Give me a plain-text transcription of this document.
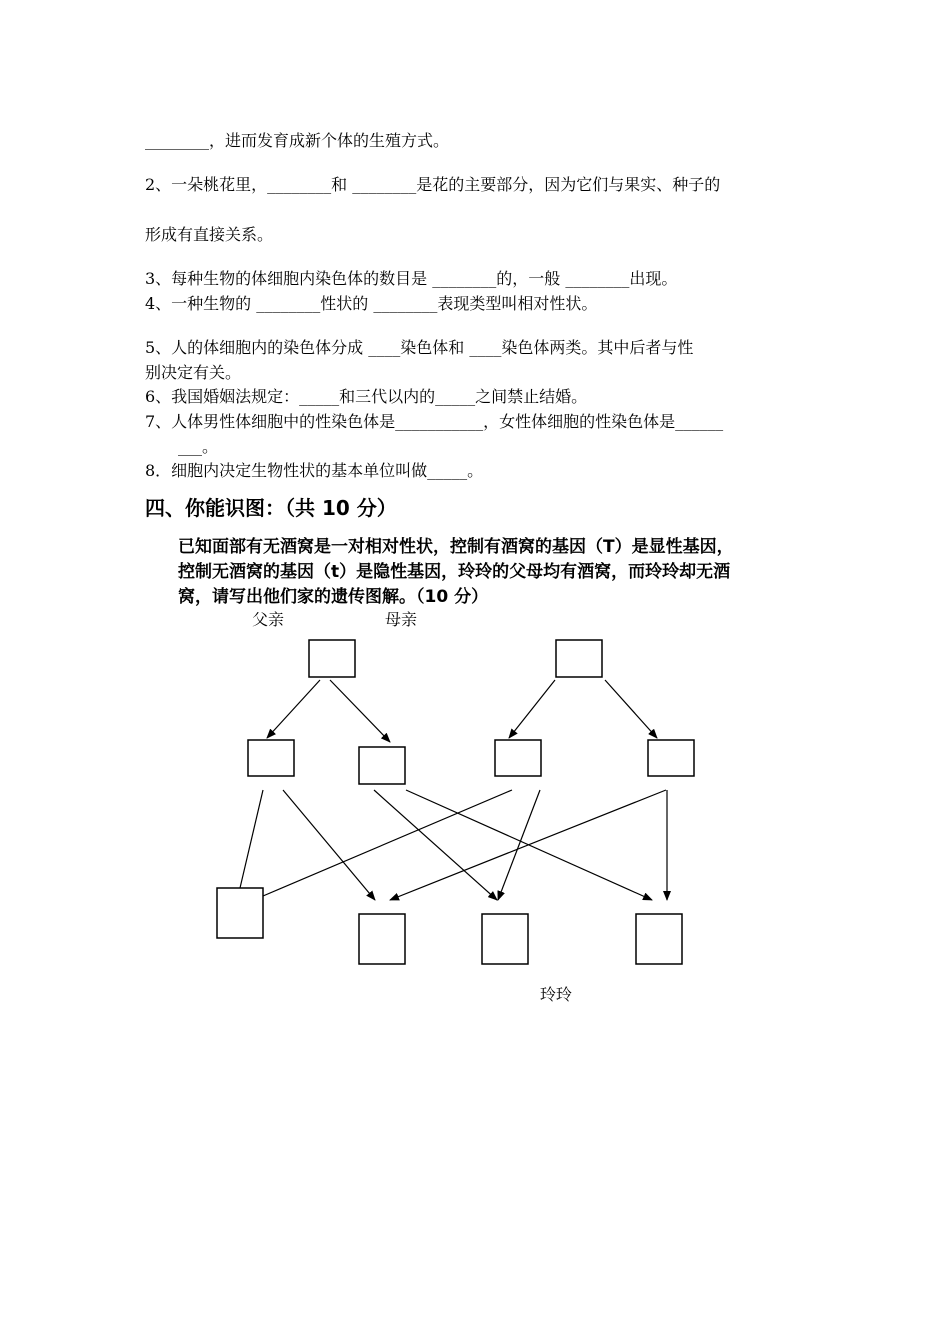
________，进而发育成新个体的生殖方式。
2、一朵桃花里，________和 ________是花的主要部分，因为它们与果实、种子的
形成有直接关系。
3、每种生物的体细胞内染色体的数目是 ________的，一般 ________出现。
4、一种生物的 ________性状的 ________表现类型叫相对性状。
5、人的体细胞内的染色体分成 ____染色体和 ____染色体两类。其中后者与性
别决定有关。
6、我国婚姻法规定：_____和三代以内的_____之间禁止结婚。
7、人体男性体细胞中的性染色体是___________，女性体细胞的性染色体是______
___。
8．细胞内决定生物性状的基本单位叫做_____。
四、你能识图：（共 10 分）
已知面部有无酒窝是一对相对性状，控制有酒窝的基因（T）是显性基因，
控制无酒窝的基因（t）是隐性基因，玲玲的父母均有酒窝，而玲玲却无酒
窝，请写出他们家的遗传图解。（10 分）
父亲	母亲
玲玲
